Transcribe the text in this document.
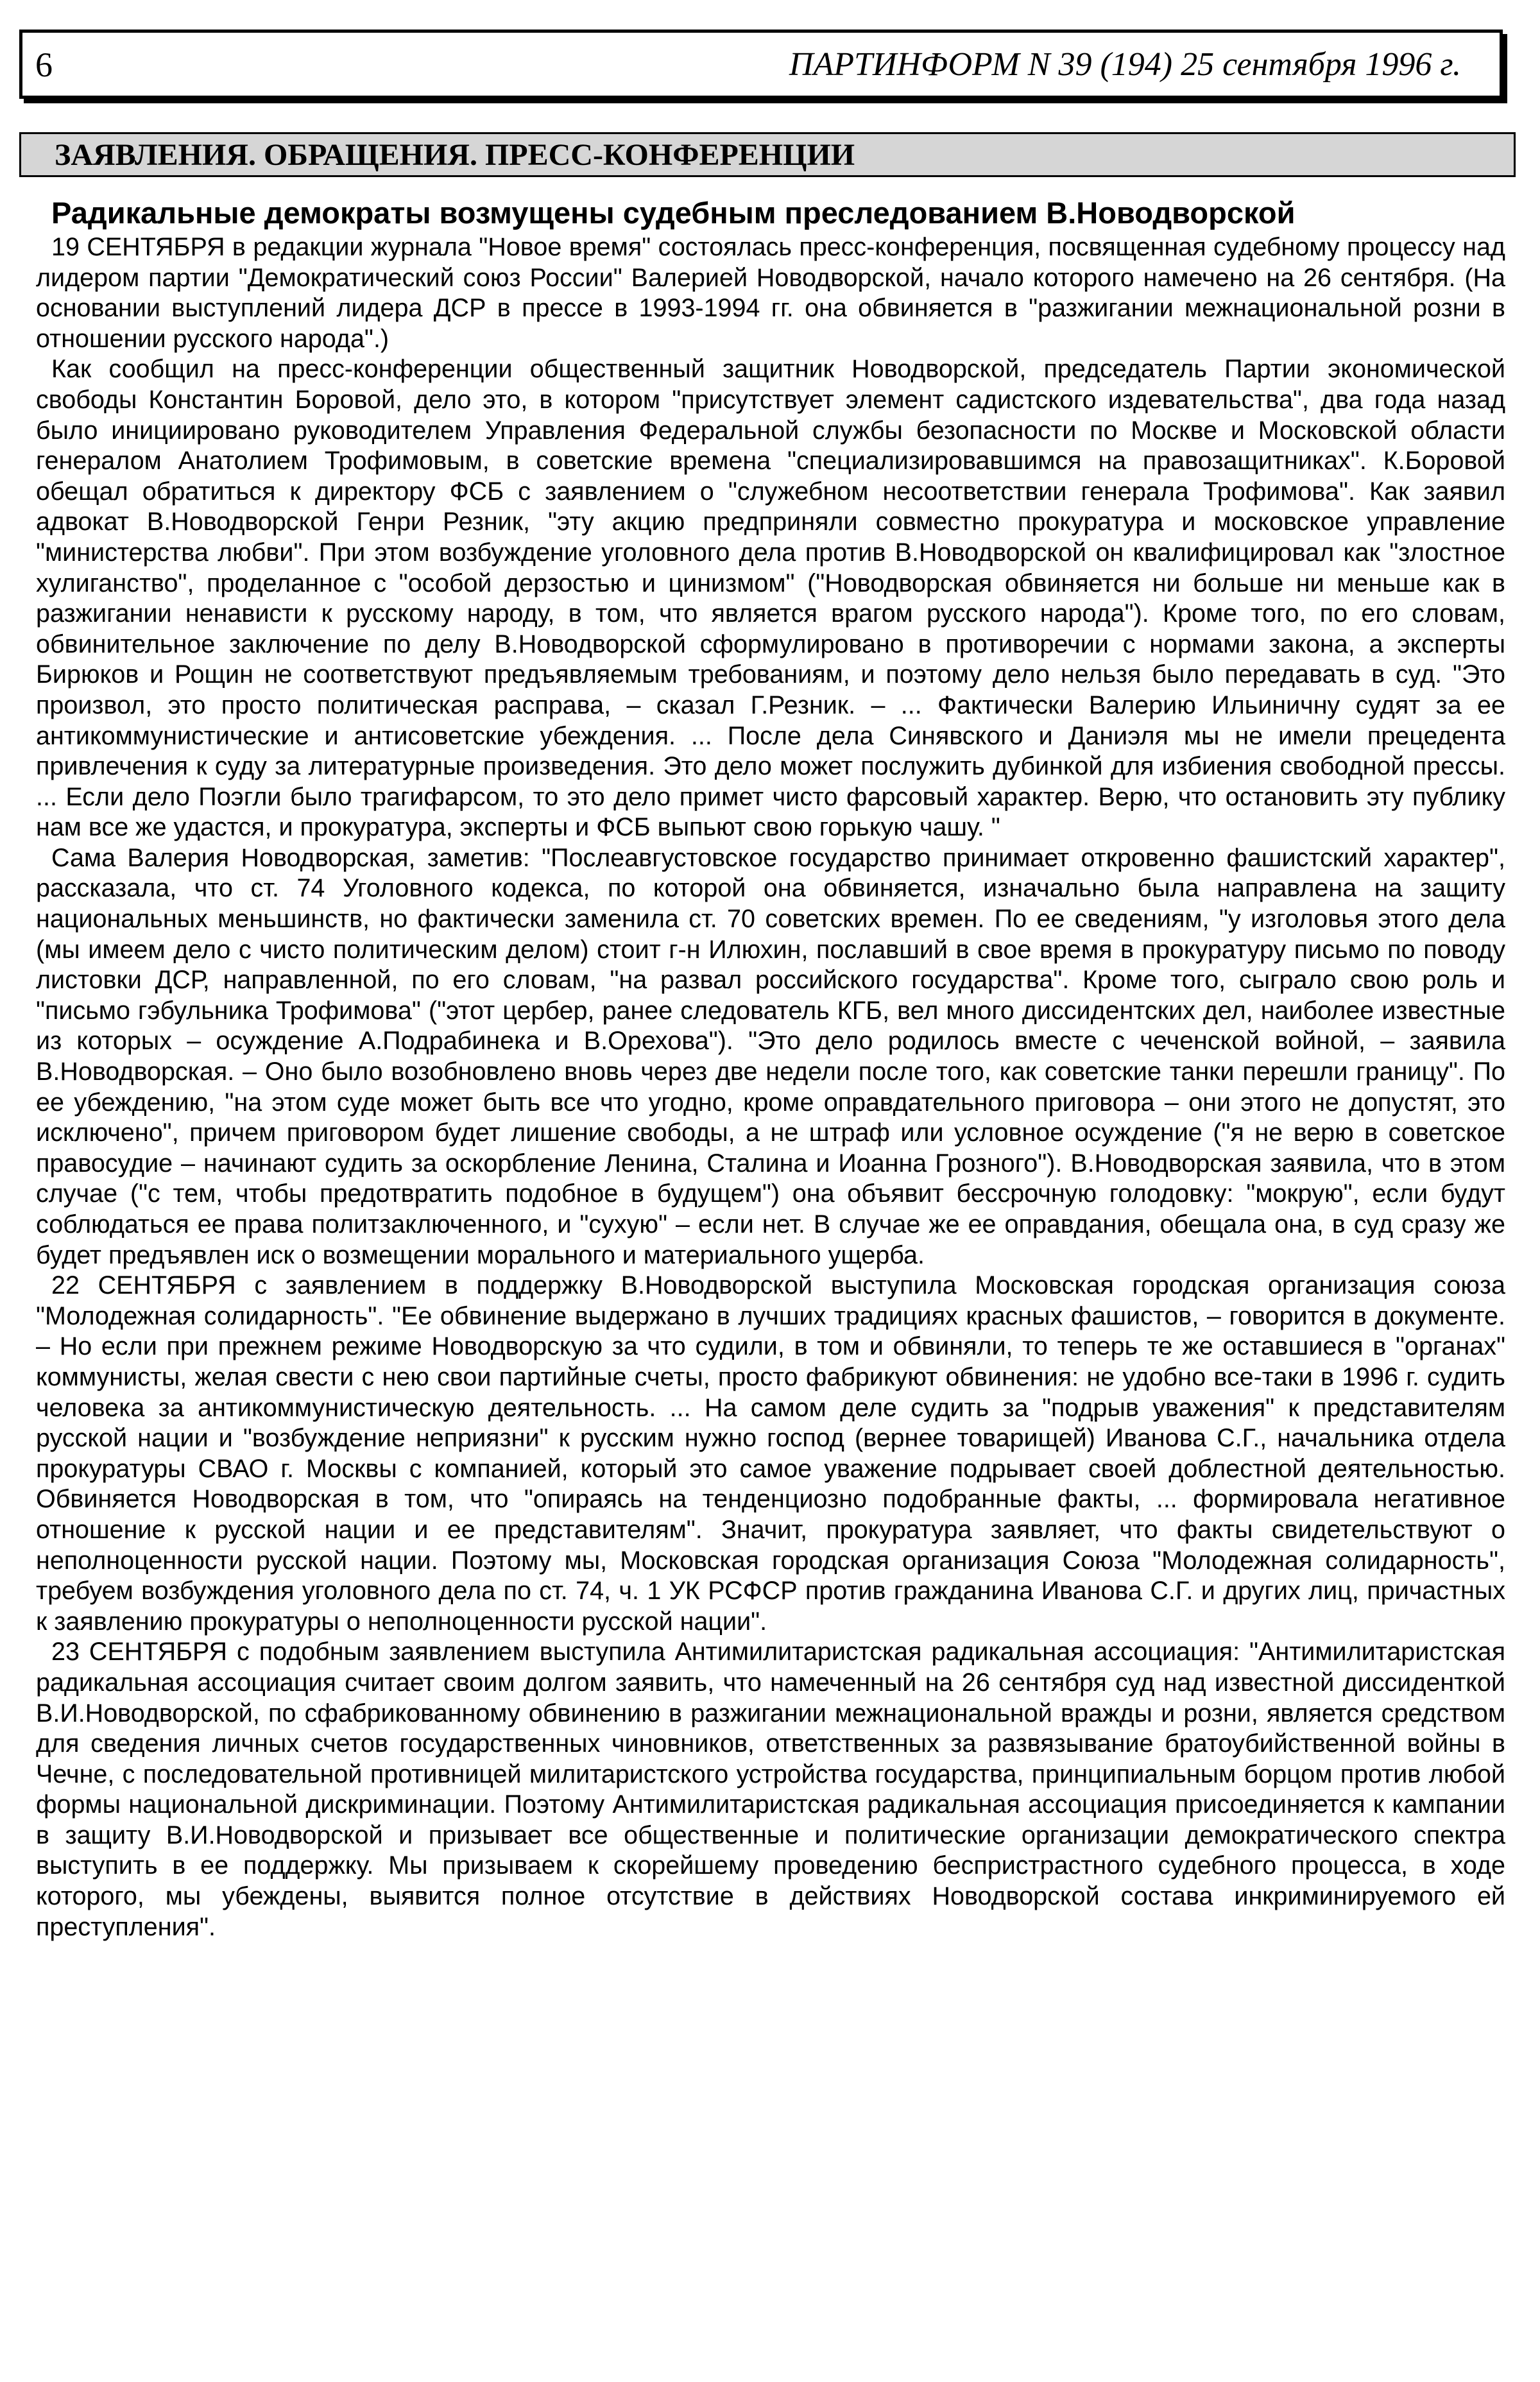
6	ПАРТИНФОРМ N 39 (194) 25 сентября 1996 г.
ЗАЯВЛЕНИЯ. ОБРАЩЕНИЯ. ПРЕСС-КОНФЕРЕНЦИИ
Радикальные демократы возмущены судебным преследованием В.Новодворской

19 СЕНТЯБРЯ в редакции журнала "Новое время" состоялась пресс-конференция, посвященная судебному процессу над лидером партии "Демократический союз России" Валерией Новодворской, начало которого намечено на 26 сентября. (На основании выступлений лидера ДСР в прессе в 1993-1994 гг. она обвиняется в "разжигании межнациональной розни в отношении русского народа".)

Как сообщил на пресс-конференции общественный защитник Новодворской, председатель Партии экономической свободы Константин Боровой, дело это, в котором "присутствует элемент садистского издевательства", два года назад было инициировано руководителем Управления Федеральной службы безопасности по Москве и Московской области генералом Анатолием Трофимовым, в советские времена "специализировавшимся на правозащитниках". К.Боровой обещал обратиться к директору ФСБ с заявлением о "служебном несоответствии генерала Трофимова". Как заявил адвокат В.Новодворской Генри Резник, "эту акцию предприняли совместно прокуратура и московское управление "министерства любви". При этом возбуждение уголовного дела против В.Новодворской он квалифицировал как "злостное хулиганство", проделанное с "особой дерзостью и цинизмом" ("Новодворская обвиняется ни больше ни меньше как в разжигании ненависти к русскому народу, в том, что является врагом русского народа"). Кроме того, по его словам, обвинительное заключение по делу В.Новодворской сформулировано в противоречии с нормами закона, а эксперты Бирюков и Рощин не соответствуют предъявляемым требованиям, и поэтому дело нельзя было передавать в суд. "Это произвол, это просто политическая расправа, – сказал Г.Резник. – ... Фактически Валерию Ильиничну судят за ее антикоммунистические и антисоветские убеждения. ... После дела Синявского и Даниэля мы не имели прецедента привлечения к суду за литературные произведения. Это дело может послужить дубинкой для избиения свободной прессы. ... Если дело Поэгли было трагифарсом, то это дело примет чисто фарсовый характер. Верю, что остановить эту публику нам все же удастся, и прокуратура, эксперты и ФСБ выпьют свою горькую чашу. "

Сама Валерия Новодворская, заметив: "Послеавгустовское государство принимает откровенно фашистский характер", рассказала, что ст. 74 Уголовного кодекса, по которой она обвиняется, изначально была направлена на защиту национальных меньшинств, но фактически заменила ст. 70 советских времен. По ее сведениям, "у изголовья этого дела (мы имеем дело с чисто политическим делом) стоит г-н Илюхин, пославший в свое время в прокуратуру письмо по поводу листовки ДСР, направленной, по его словам, "на развал российского государства". Кроме того, сыграло свою роль и "письмо гэбульника Трофимова" ("этот цербер, ранее следователь КГБ, вел много диссидентских дел, наиболее известные из которых – осуждение А.Подрабинека и В.Орехова"). "Это дело родилось вместе с чеченской войной, – заявила В.Новодворская. – Оно было возобновлено вновь через две недели после того, как советские танки перешли границу". По ее убеждению, "на этом суде может быть все что угодно, кроме оправдательного приговора – они этого не допустят, это исключено", причем приговором будет лишение свободы, а не штраф или условное осуждение ("я не верю в советское правосудие – начинают судить за оскорбление Ленина, Сталина и Иоанна Грозного"). В.Новодворская заявила, что в этом случае ("с тем, чтобы предотвратить подобное в будущем") она объявит бессрочную голодовку: "мокрую", если будут соблюдаться ее права политзаключенного, и "сухую" – если нет. В случае же ее оправдания, обещала она, в суд сразу же будет предъявлен иск о возмещении морального и материального ущерба.

22 СЕНТЯБРЯ с заявлением в поддержку В.Новодворской выступила Московская городская организация союза "Молодежная солидарность". "Ее обвинение выдержано в лучших традициях красных фашистов, – говорится в документе. – Но если при прежнем режиме Новодворскую за что судили, в том и обвиняли, то теперь те же оставшиеся в "органах" коммунисты, желая свести с нею свои партийные счеты, просто фабрикуют обвинения: не удобно все-таки в 1996 г. судить человека за антикоммунистическую деятельность. ... На самом деле судить за "подрыв уважения" к представителям русской нации и "возбуждение неприязни" к русским нужно господ (вернее товарищей) Иванова С.Г., начальника отдела прокуратуры СВАО г. Москвы с компанией, который это самое уважение подрывает своей доблестной деятельностью. Обвиняется Новодворская в том, что "опираясь на тенденциозно подобранные факты, ... формировала негативное отношение к русской нации и ее представителям". Значит, прокуратура заявляет, что факты свидетельствуют о неполноценности русской нации. Поэтому мы, Московская городская организация Союза "Молодежная солидарность", требуем возбуждения уголовного дела по ст. 74, ч. 1 УК РСФСР против гражданина Иванова С.Г. и других лиц, причастных к заявлению прокуратуры о неполноценности русской нации".

23 СЕНТЯБРЯ с подобным заявлением выступила Антимилитаристская радикальная ассоциация: "Антимилитаристская радикальная ассоциация считает своим долгом заявить, что намеченный на 26 сентября суд над известной диссиденткой В.И.Новодворской, по сфабрикованному обвинению в разжигании межнациональной вражды и розни, является средством для сведения личных счетов государственных чиновников, ответственных за развязывание братоубийственной войны в Чечне, с последовательной противницей милитаристского устройства государства, принципиальным борцом против любой формы национальной дискриминации. Поэтому Антимилитаристская радикальная ассоциация присоединяется к кампании в защиту В.И.Новодворской и призывает все общественные и политические организации демократического спектра выступить в ее поддержку. Мы призываем к скорейшему проведению беспристрастного судебного процесса, в ходе которого, мы убеждены, выявится полное отсутствие в действиях Новодворской состава инкриминируемого ей преступления".
